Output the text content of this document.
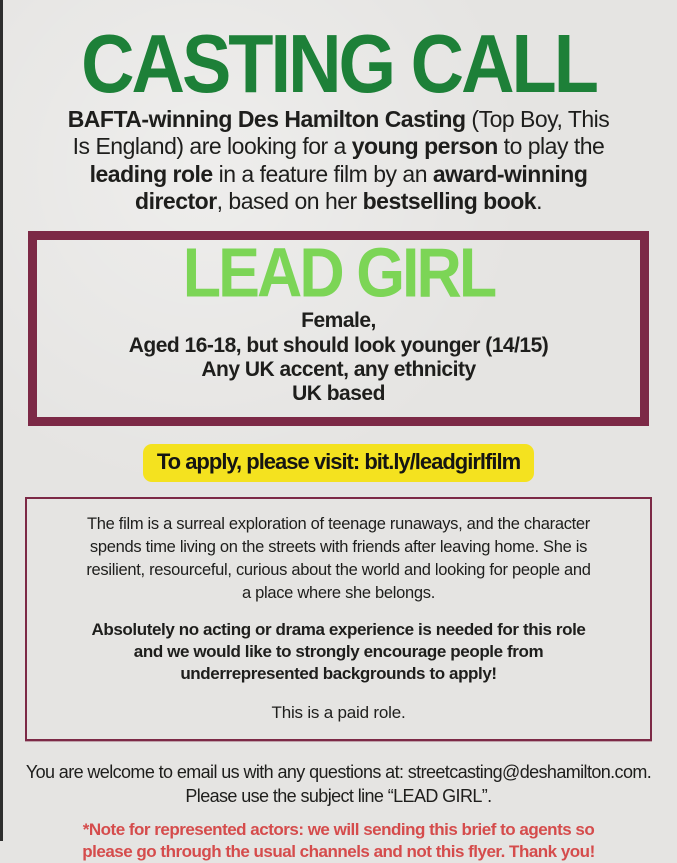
CASTING CALL
BAFTA-winning Des Hamilton Casting (Top Boy, This
Is England) are looking for a young person to play the
leading role in a feature film by an award-winning
director, based on her bestselling book.
LEAD GIRL
Female,
Aged 16-18, but should look younger (14/15)
Any UK accent, any ethnicity
UK based
To apply, please visit: bit.ly/leadgirlfilm
The film is a surreal exploration of teenage runaways, and the character
spends time living on the streets with friends after leaving home. She is
resilient, resourceful, curious about the world and looking for people and
a place where she belongs.
Absolutely no acting or drama experience is needed for this role
and we would like to strongly encourage people from
underrepresented backgrounds to apply!
This is a paid role.
You are welcome to email us with any questions at: streetcasting@deshamilton.com.
Please use the subject line “LEAD GIRL”.
*Note for represented actors: we will sending this brief to agents so
please go through the usual channels and not this flyer. Thank you!
